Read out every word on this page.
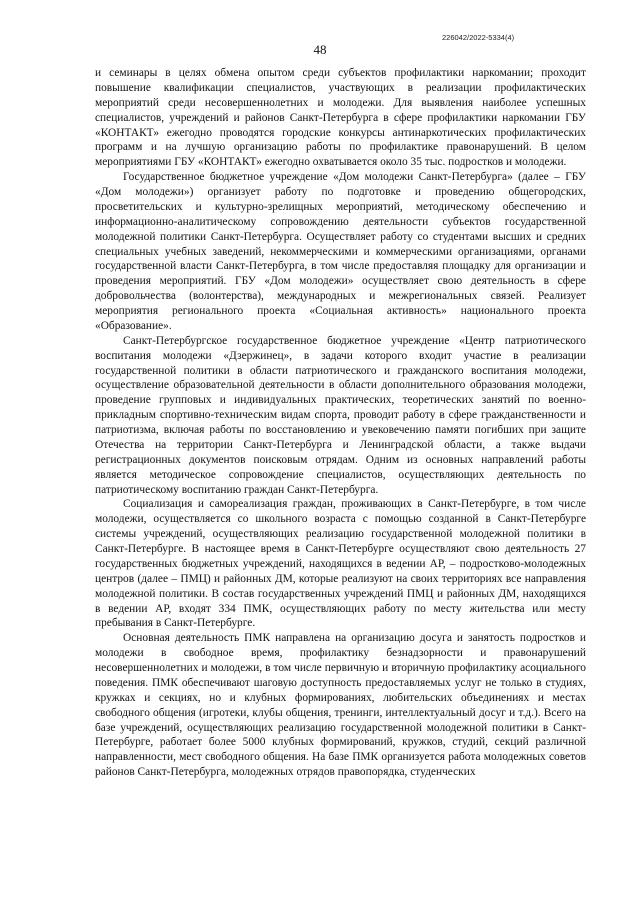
226042/2022-5334(4)
48

и семинары в целях обмена опытом среди субъектов профилактики наркомании; проходит повышение квалификации специалистов, участвующих в реализации профилактических мероприятий среди несовершеннолетних и молодежи. Для выявления наиболее успешных специалистов, учреждений и районов Санкт-Петербурга в сфере профилактики наркомании ГБУ «КОНТАКТ» ежегодно проводятся городские конкурсы антинаркотических профилактических программ и на лучшую организацию работы по профилактике правонарушений. В целом мероприятиями ГБУ «КОНТАКТ» ежегодно охватывается около 35 тыс. подростков и молодежи.

Государственное бюджетное учреждение «Дом молодежи Санкт-Петербурга» (далее – ГБУ «Дом молодежи») организует работу по подготовке и проведению общегородских, просветительских и культурно-зрелищных мероприятий, методическому обеспечению и информационно-аналитическому сопровождению деятельности субъектов государственной молодежной политики Санкт-Петербурга. Осуществляет работу со студентами высших и средних специальных учебных заведений, некоммерческими и коммерческими организациями, органами государственной власти Санкт-Петербурга, в том числе предоставляя площадку для организации и проведения мероприятий. ГБУ «Дом молодежи» осуществляет свою деятельность в сфере добровольчества (волонтерства), международных и межрегиональных связей. Реализует мероприятия регионального проекта «Социальная активность» национального проекта «Образование».

Санкт-Петербургское государственное бюджетное учреждение «Центр патриотического воспитания молодежи «Дзержинец», в задачи которого входит участие в реализации государственной политики в области патриотического и гражданского воспитания молодежи, осуществление образовательной деятельности в области дополнительного образования молодежи, проведение групповых и индивидуальных практических, теоретических занятий по военно-прикладным спортивно-техническим видам спорта, проводит работу в сфере гражданственности и патриотизма, включая работы по восстановлению и увековечению памяти погибших при защите Отечества на территории Санкт-Петербурга и Ленинградской области, а также выдачи регистрационных документов поисковым отрядам. Одним из основных направлений работы является методическое сопровождение специалистов, осуществляющих деятельность по патриотическому воспитанию граждан Санкт-Петербурга.

Социализация и самореализация граждан, проживающих в Санкт-Петербурге, в том числе молодежи, осуществляется со школьного возраста с помощью созданной в Санкт-Петербурге системы учреждений, осуществляющих реализацию государственной молодежной политики в Санкт-Петербурге. В настоящее время в Санкт-Петербурге осуществляют свою деятельность 27 государственных бюджетных учреждений, находящихся в ведении АР, – подростково-молодежных центров (далее – ПМЦ) и районных ДМ, которые реализуют на своих территориях все направления молодежной политики. В состав государственных учреждений ПМЦ и районных ДМ, находящихся в ведении АР, входят 334 ПМК, осуществляющих работу по месту жительства или месту пребывания в Санкт-Петербурге.

Основная деятельность ПМК направлена на организацию досуга и занятость подростков и молодежи в свободное время, профилактику безнадзорности и правонарушений несовершеннолетних и молодежи, в том числе первичную и вторичную профилактику асоциального поведения. ПМК обеспечивают шаговую доступность предоставляемых услуг не только в студиях, кружках и секциях, но и клубных формированиях, любительских объединениях и местах свободного общения (игротеки, клубы общения, тренинги, интеллектуальный досуг и т.д.). Всего на базе учреждений, осуществляющих реализацию государственной молодежной политики в Санкт-Петербурге, работает более 5000 клубных формирований, кружков, студий, секций различной направленности, мест свободного общения. На базе ПМК организуется работа молодежных советов районов Санкт-Петербурга, молодежных отрядов правопорядка, студенческих
